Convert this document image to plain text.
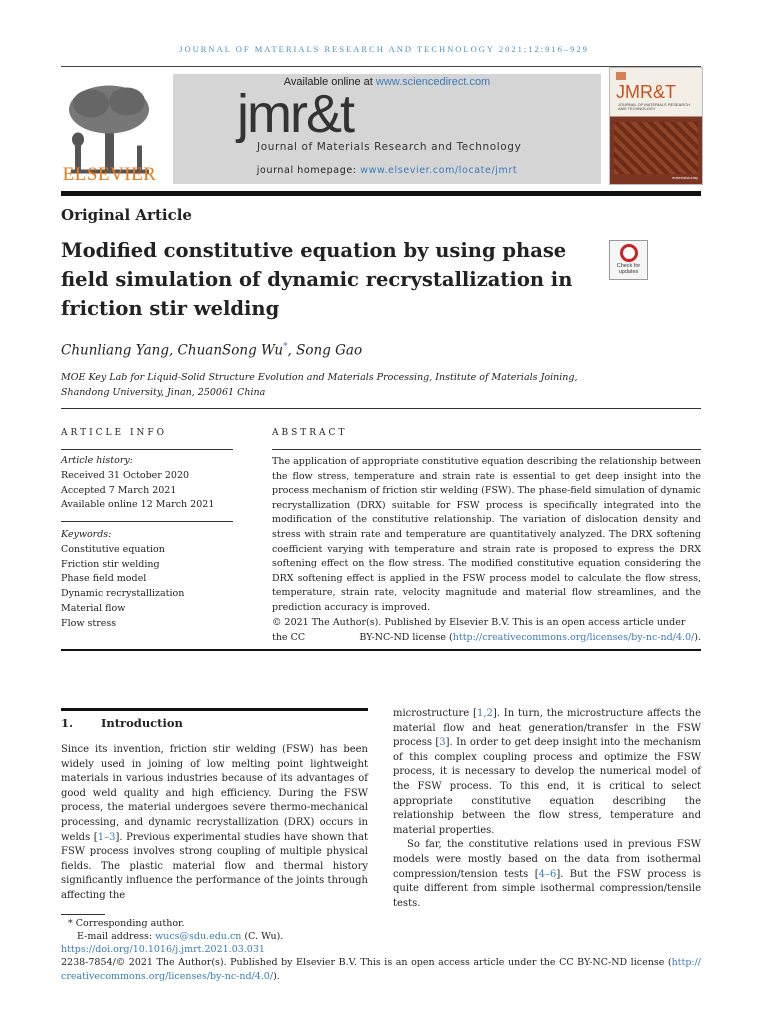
JOURNAL OF MATERIALS RESEARCH AND TECHNOLOGY 2021;12:916–929
ELSEVIER
Available online at www.sciencedirect.com
jmr&t
Journal of Materials Research and Technology
journal homepage: www.elsevier.com/locate/jmrt
JMR&T
JOURNAL OF MATERIALS RESEARCH AND TECHNOLOGY
materialstoday
Original Article
Modified constitutive equation by using phase field simulation of dynamic recrystallization in friction stir welding
Check for
updates
Chunliang Yang, ChuanSong Wu*, Song Gao
MOE Key Lab for Liquid-Solid Structure Evolution and Materials Processing, Institute of Materials Joining, Shandong University, Jinan, 250061 China
ARTICLE INFO	ABSTRACT
Article history:
Received 31 October 2020
Accepted 7 March 2021
Available online 12 March 2021
Keywords:
Constitutive equation
Friction stir welding
Phase field model
Dynamic recrystallization
Material flow
Flow stress
The application of appropriate constitutive equation describing the relationship between the flow stress, temperature and strain rate is essential to get deep insight into the process mechanism of friction stir welding (FSW). The phase-field simulation of dynamic recrystallization (DRX) suitable for FSW process is specifically integrated into the modification of the constitutive relationship. The variation of dislocation density and stress with strain rate and temperature are quantitatively analyzed. The DRX softening coefficient varying with temperature and strain rate is proposed to express the DRX softening effect on the flow stress. The modified constitutive equation considering the DRX softening effect is applied in the FSW process model to calculate the flow stress, temperature, strain rate, velocity magnitude and material flow streamlines, and the prediction accuracy is improved.
© 2021 The Author(s). Published by Elsevier B.V. This is an open access article under the CC	BY-NC-ND license (http://creativecommons.org/licenses/by-nc-nd/4.0/).
1. Introduction
Since its invention, friction stir welding (FSW) has been widely used in joining of low melting point lightweight materials in various industries because of its advantages of good weld quality and high efficiency. During the FSW process, the material undergoes severe thermo-mechanical processing, and dynamic recrystallization (DRX) occurs in welds [1–3]. Previous experimental studies have shown that FSW process involves strong coupling of multiple physical fields. The plastic material flow and thermal history significantly influence the performance of the joints through affecting the
microstructure [1,2]. In turn, the microstructure affects the material flow and heat generation/transfer in the FSW process [3]. In order to get deep insight into the mechanism of this complex coupling process and optimize the FSW process, it is necessary to develop the numerical model of the FSW process. To this end, it is critical to select appropriate constitutive equation describing the relationship between the flow stress, temperature and material properties.
So far, the constitutive relations used in previous FSW models were mostly based on the data from isothermal compression/tension tests [4–6]. But the FSW process is quite different from simple isothermal compression/tensile tests.
* Corresponding author.
E-mail address: wucs@sdu.edu.cn (C. Wu).
https://doi.org/10.1016/j.jmrt.2021.03.031
2238-7854/© 2021 The Author(s). Published by Elsevier B.V. This is an open access article under the CC BY-NC-ND license (http://
creativecommons.org/licenses/by-nc-nd/4.0/).
